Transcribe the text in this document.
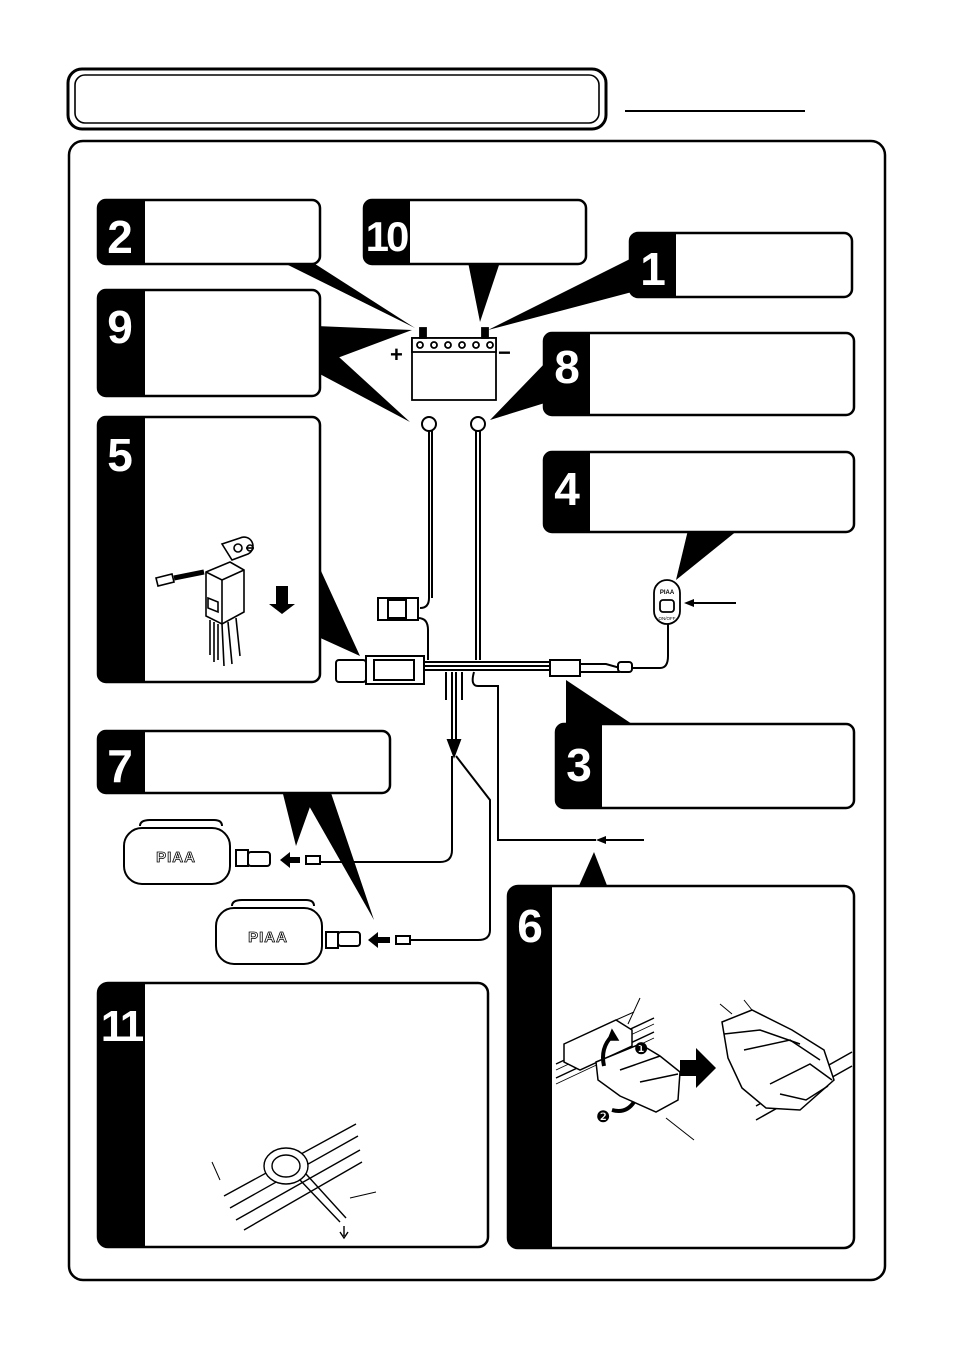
2	10
1
9
8
4
5
7	3
6
❶
❷
11
+	−
PIAA
ON/OFF
PIAA
PIAA
